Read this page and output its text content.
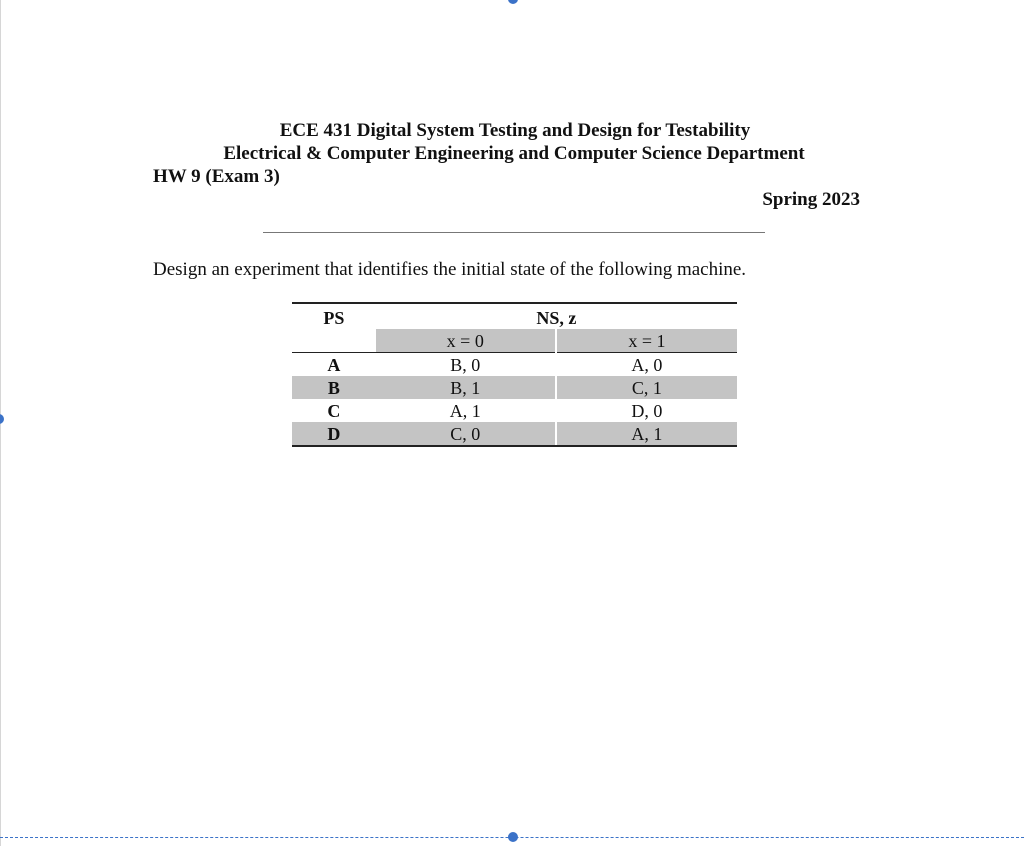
ECE 431 Digital System Testing and Design for Testability
Electrical & Computer Engineering and Computer Science Department
HW 9 (Exam 3)
Spring 2023
Design an experiment that identifies the initial state of the following machine.
PS	NS, z	
	x = 0	x = 1
A	B, 0	A, 0
B	B, 1	C, 1
C	A, 1	D, 0
D	C, 0	A, 1
